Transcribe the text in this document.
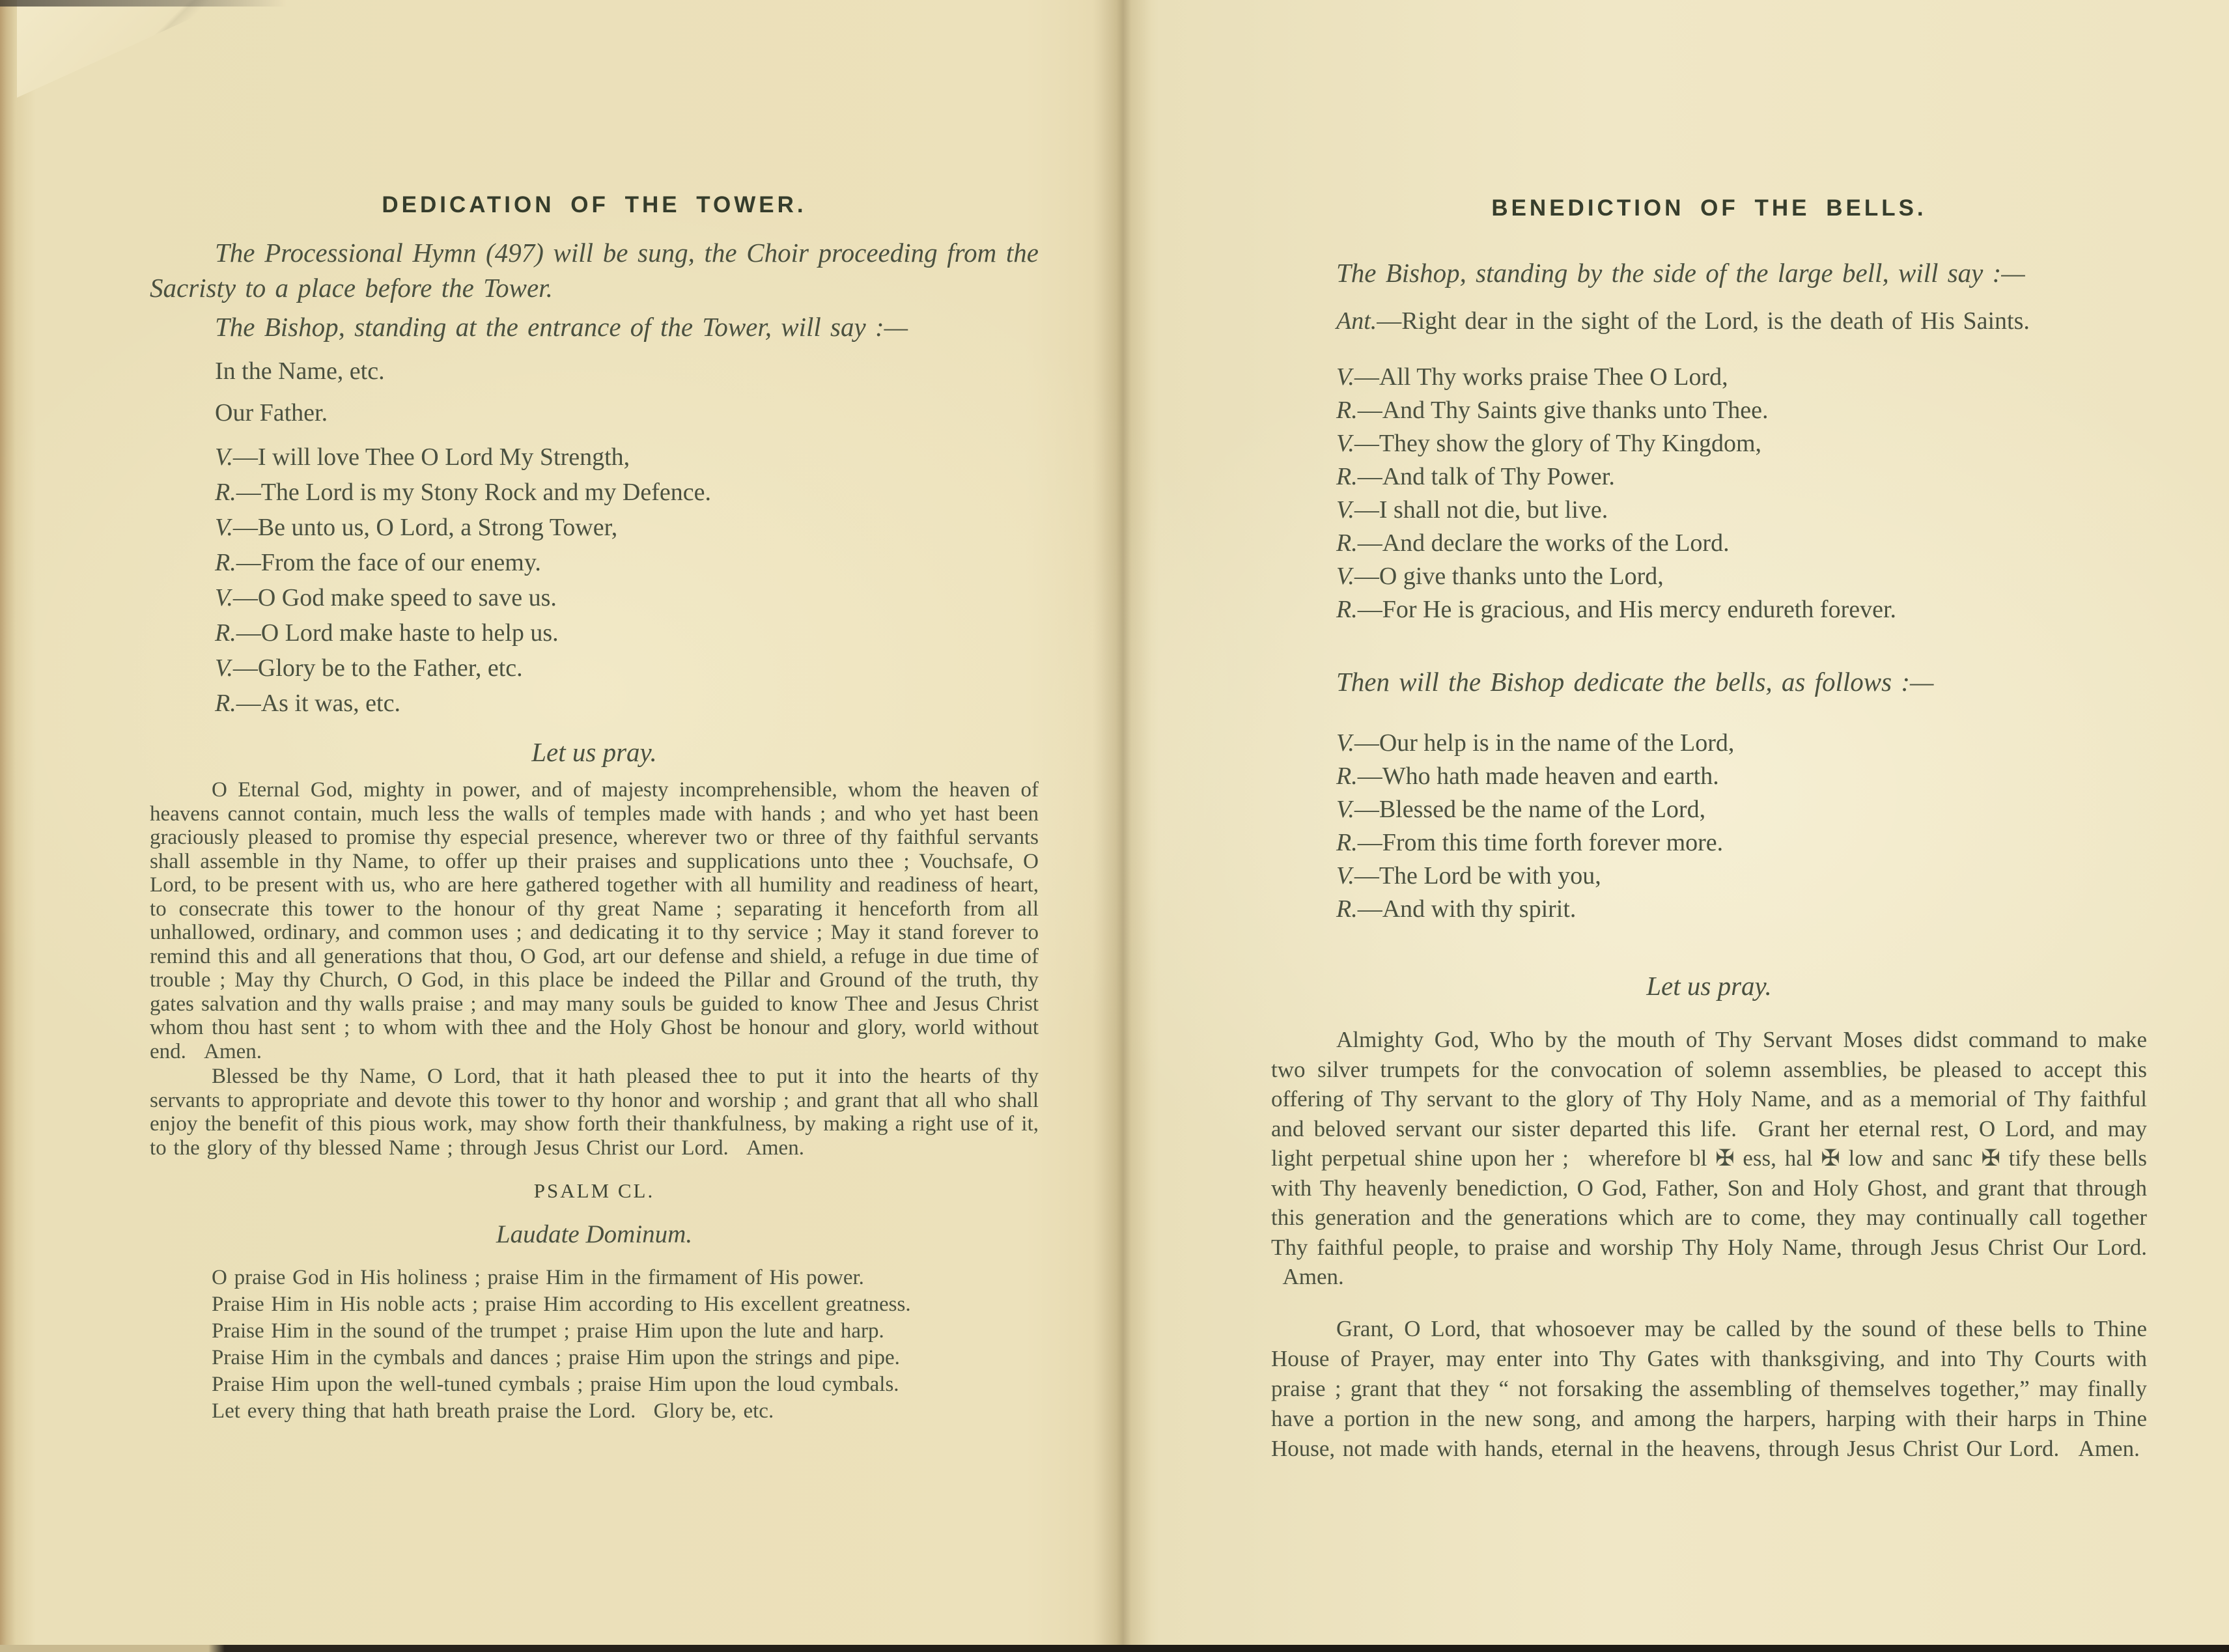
DEDICATION OF THE TOWER.

The Processional Hymn (497) will be sung, the Choir proceeding from the Sacristy to a place before the Tower.

The Bishop, standing at the entrance of the Tower, will say :—

In the Name, etc.

Our Father.

V.—I will love Thee O Lord My Strength,

R.—The Lord is my Stony Rock and my Defence.

V.—Be unto us, O Lord, a Strong Tower,

R.—From the face of our enemy.

V.—O God make speed to save us.

R.—O Lord make haste to help us.

V.—Glory be to the Father, etc.

R.—As it was, etc.

Let us pray.

O Eternal God, mighty in power, and of majesty incomprehensible, whom the heaven of heavens cannot contain, much less the walls of temples made with hands ; and who yet hast been graciously pleased to promise thy especial presence, wherever two or three of thy faithful servants shall assemble in thy Name, to offer up their praises and supplications unto thee ; Vouchsafe, O Lord, to be present with us, who are here gathered together with all humility and readiness of heart, to consecrate this tower to the honour of thy great Name ; separating it henceforth from all unhallowed, ordinary, and common uses ; and dedicating it to thy service ; May it stand forever to remind this and all generations that thou, O God, art our defense and shield, a refuge in due time of trouble ; May thy Church, O God, in this place be indeed the Pillar and Ground of the truth, thy gates salvation and thy walls praise ; and may many souls be guided to know Thee and Jesus Christ whom thou hast sent ; to whom with thee and the Holy Ghost be honour and glory, world without end.  Amen.

Blessed be thy Name, O Lord, that it hath pleased thee to put it into the hearts of thy servants to appropriate and devote this tower to thy honor and worship ; and grant that all who shall enjoy the benefit of this pious work, may show forth their thankfulness, by making a right use of it, to the glory of thy blessed Name ; through Jesus Christ our Lord.  Amen.

PSALM CL.
Laudate Dominum.

O praise God in His holiness ; praise Him in the firmament of His power.

Praise Him in His noble acts ; praise Him according to His excellent greatness.

Praise Him in the sound of the trumpet ; praise Him upon the lute and harp.

Praise Him in the cymbals and dances ; praise Him upon the strings and pipe.

Praise Him upon the well-tuned cymbals ; praise Him upon the loud cymbals.

Let every thing that hath breath praise the Lord.  Glory be, etc.

BENEDICTION OF THE BELLS.

The Bishop, standing by the side of the large bell, will say :—

Ant.—Right dear in the sight of the Lord, is the death of His Saints.

V.—All Thy works praise Thee O Lord,

R.—And Thy Saints give thanks unto Thee.

V.—They show the glory of Thy Kingdom,

R.—And talk of Thy Power.

V.—I shall not die, but live.

R.—And declare the works of the Lord.

V.—O give thanks unto the Lord,

R.—For He is gracious, and His mercy endureth forever.

Then will the Bishop dedicate the bells, as follows :—

V.—Our help is in the name of the Lord,

R.—Who hath made heaven and earth.

V.—Blessed be the name of the Lord,

R.—From this time forth forever more.

V.—The Lord be with you,

R.—And with thy spirit.

Let us pray.

Almighty God, Who by the mouth of Thy Servant Moses didst command to make two silver trumpets for the convocation of solemn assemblies, be pleased to accept this offering of Thy servant to the glory of Thy Holy Name, and as a memorial of Thy faithful and beloved servant our sister departed this life.  Grant her eternal rest, O Lord, and may light perpetual shine upon her ;  wherefore bl ✠ ess, hal ✠ low and sanc ✠ tify these bells with Thy heavenly benediction, O God, Father, Son and Holy Ghost, and grant that through this generation and the generations which are to come, they may continually call together Thy faithful people, to praise and worship Thy Holy Name, through Jesus Christ Our Lord.  Amen.

Grant, O Lord, that whosoever may be called by the sound of these bells to Thine House of Prayer, may enter into Thy Gates with thanksgiving, and into Thy Courts with praise ; grant that they “ not forsaking the assembling of themselves together,” may finally have a portion in the new song, and among the harpers, harping with their harps in Thine House, not made with hands, eternal in the heavens, through Jesus Christ Our Lord.  Amen.
